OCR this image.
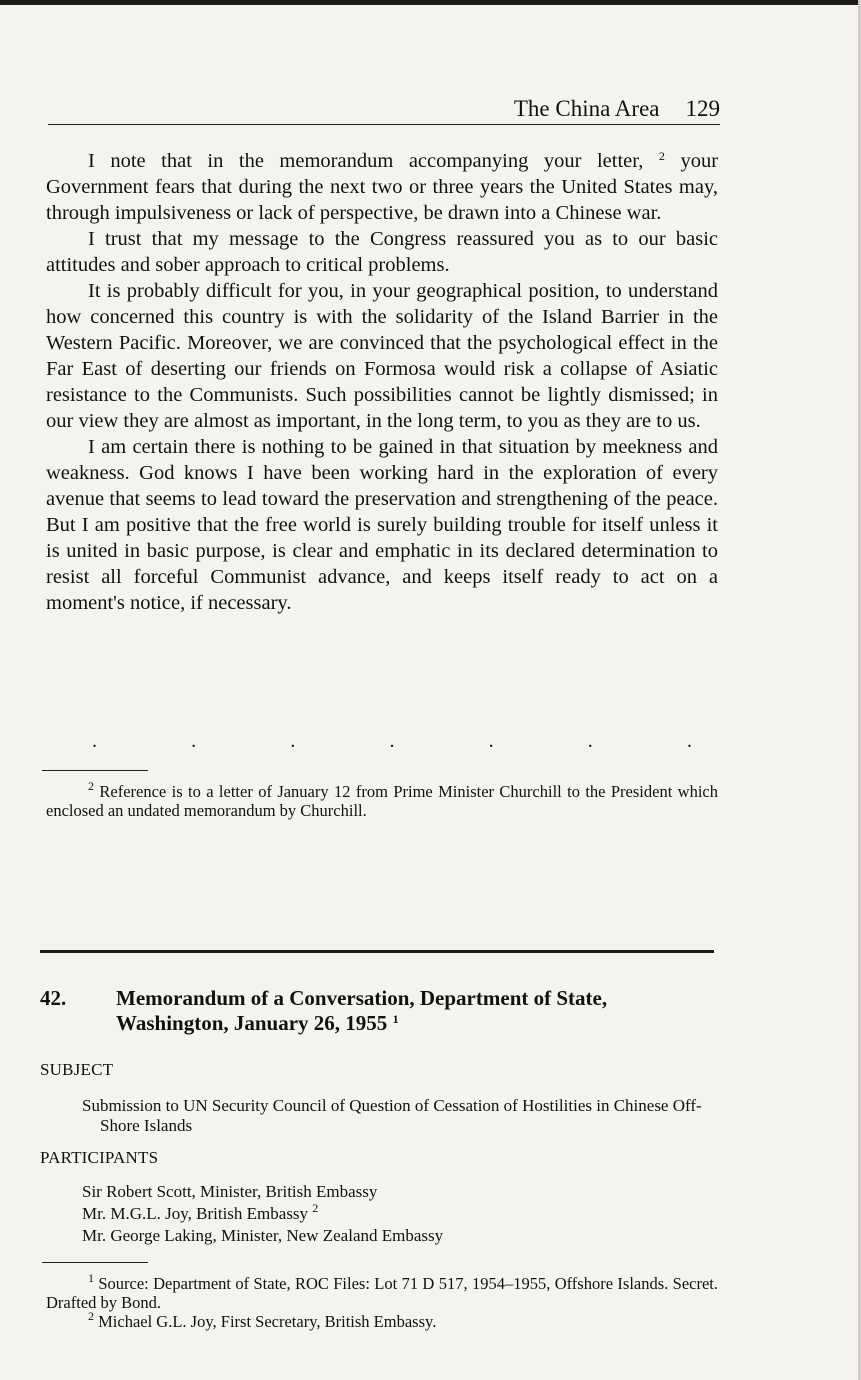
The China Area 129

I note that in the memorandum accompanying your letter, $^2$ your Government fears that during the next two or three years the United States may, through impulsiveness or lack of perspective, be drawn into a Chinese war.

I trust that my message to the Congress reassured you as to our basic attitudes and sober approach to critical problems.

It is probably difficult for you, in your geographical position, to understand how concerned this country is with the solidarity of the Island Barrier in the Western Pacific. Moreover, we are convinced that the psychological effect in the Far East of deserting our friends on Formosa would risk a collapse of Asiatic resistance to the Communists. Such possibilities cannot be lightly dismissed; in our view they are almost as important, in the long term, to you as they are to us.

I am certain there is nothing to be gained in that situation by meekness and weakness. God knows I have been working hard in the exploration of every avenue that seems to lead toward the preservation and strengthening of the peace. But I am positive that the free world is surely building trouble for itself unless it is united in basic purpose, is clear and emphatic in its declared determination to resist all forceful Communist advance, and keeps itself ready to act on a moment's notice, if necessary.

.	.	.	.	.	.	.

$^2$ Reference is to a letter of January 12 from Prime Minister Churchill to the President which enclosed an undated memorandum by Churchill.

42. Memorandum of a Conversation, Department of State, Washington, January 26, 1955 $^1$
SUBJECT
Submission to UN Security Council of Question of Cessation of Hostilities in Chinese Off-Shore Islands
PARTICIPANTS
Sir Robert Scott, Minister, British Embassy
Mr. M.G.L. Joy, British Embassy $^2$
Mr. George Laking, Minister, New Zealand Embassy

$^1$ Source: Department of State, ROC Files: Lot 71 D 517, 1954–1955, Offshore Islands. Secret. Drafted by Bond.

$^2$ Michael G.L. Joy, First Secretary, British Embassy.
